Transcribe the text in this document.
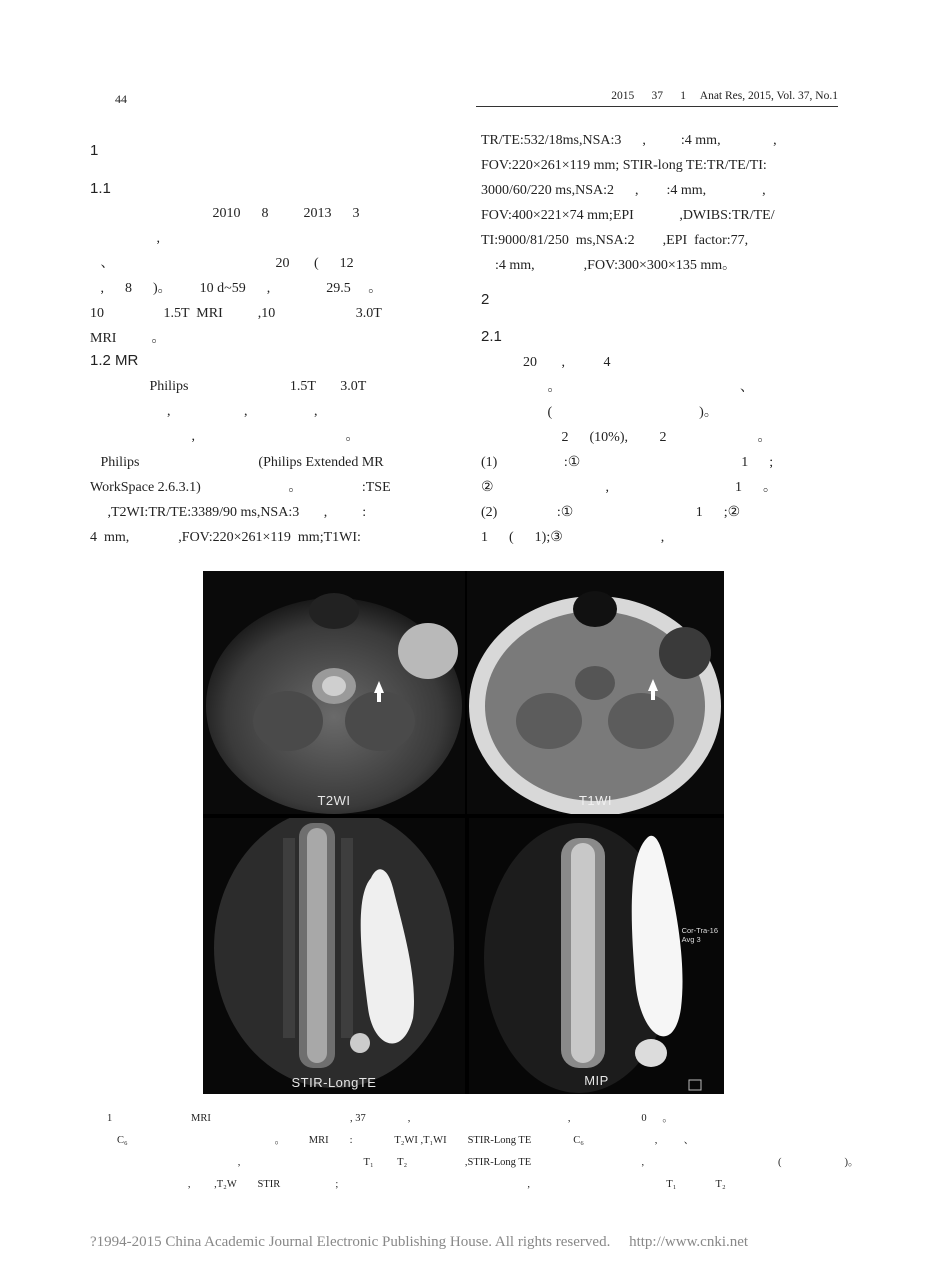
44	2015      37      1     Anat Res, 2015, Vol. 37, No.1
1
1.1
2010      8          2013      3
,
、                                              20       (      12
,      8      )。        10 d~59      ,                29.5     。
10                 1.5T  MRI          ,10                       3.0T
MRI          。
1.2 MR
Philips                             1.5T       3.0T
,                     ,                   ,
,                                           。
Philips                                  (Philips Extended MR
WorkSpace 2.6.3.1)                         。                 :TSE
,T2WI:TR/TE:3389/90 ms,NSA:3       ,          :
4  mm,              ,FOV:220×261×119  mm;T1WI:
TR/TE:532/18ms,NSA:3      ,          :4 mm,               ,
FOV:220×261×119 mm; STIR-long TE:TR/TE/TI:
3000/60/220 ms,NSA:2      ,        :4 mm,                ,
FOV:400×221×74 mm;EPI             ,DWIBS:TR/TE/
TI:9000/81/250  ms,NSA:2        ,EPI  factor:77,
:4 mm,              ,FOV:300×300×135 mm。
2
2.1
20       ,           4
。                                                   、
(                                          )。
2      (10%),         2                          。
(1)                   :①                                              1      ;
②                                ,                                    1      。
(2)                 :①                                   1      ;②
1      (      1);③                            ,
T2WI	T1WI
STIR-LongTE
Cor-Tra-16
Avg 3
MIP
1                              MRI                                                     , 37                ,                                                            ,                           0      。
C₆                                                        。         MRI        :                T₂WI ,T₁WI        STIR-Long TE                C₆                           ,          、
,                                               T₁         T₂                      ,STIR-Long TE                                          ,                                                   (                        )。
,         ,T₂W        STIR                     ;                                                                        ,                                                    T₁               T₂
?1994-2015 China Academic Journal Electronic Publishing House. All rights reserved.     http://www.cnki.net
